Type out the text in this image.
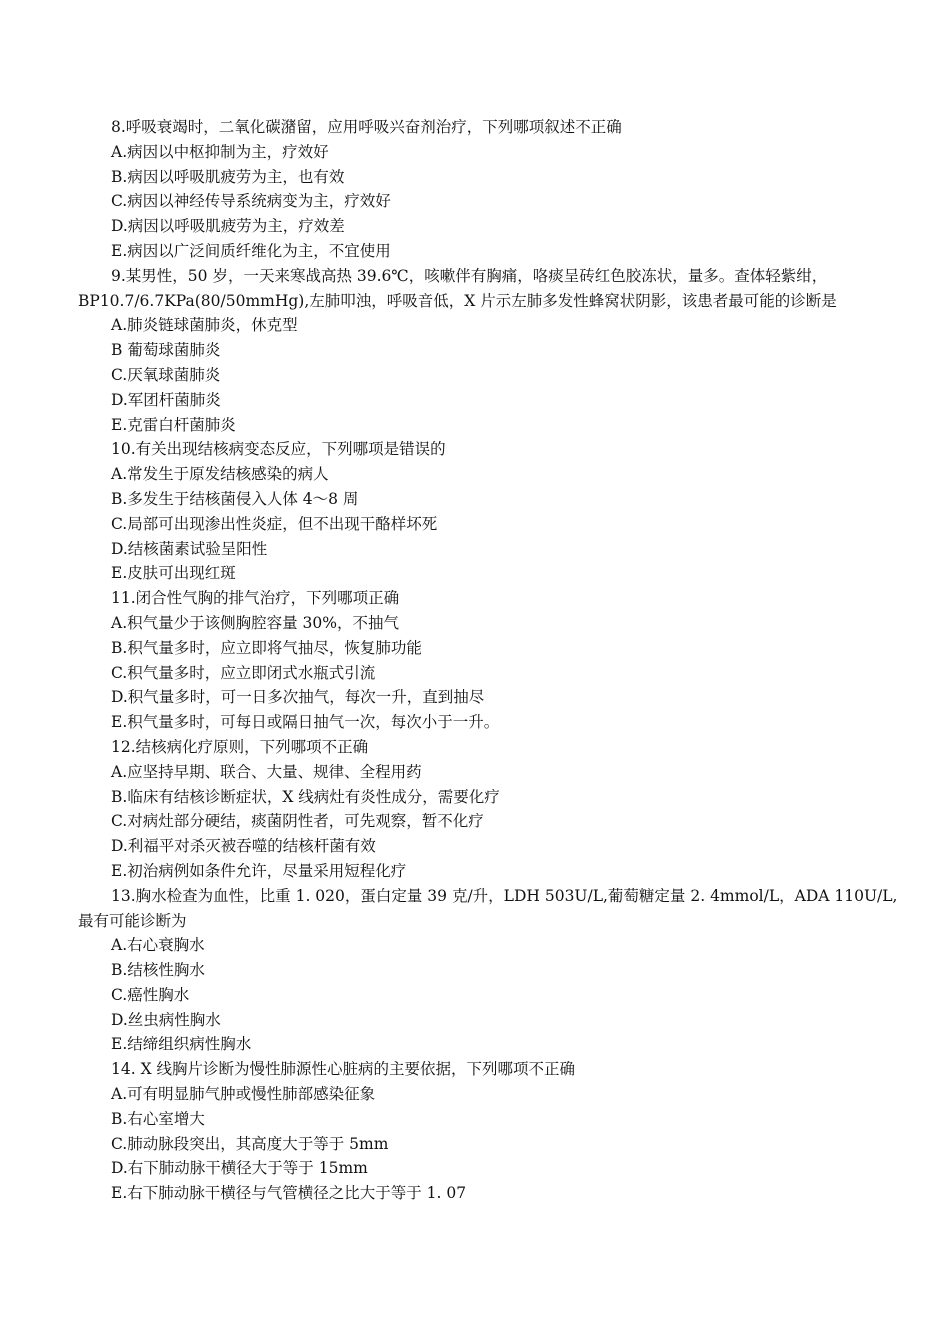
8.呼吸衰竭时，二氧化碳潴留，应用呼吸兴奋剂治疗，下列哪项叙述不正确

A.病因以中枢抑制为主，疗效好

B.病因以呼吸肌疲劳为主，也有效

C.病因以神经传导系统病变为主，疗效好

D.病因以呼吸肌疲劳为主，疗效差

E.病因以广泛间质纤维化为主，不宜使用

9.某男性，50 岁，一天来寒战高热 39.6℃，咳嗽伴有胸痛，咯痰呈砖红色胶冻状，量多。查体轻紫绀，

BP10.7/6.7KPa(80/50mmHg),左肺叩浊，呼吸音低，X 片示左肺多发性蜂窝状阴影，该患者最可能的诊断是

A.肺炎链球菌肺炎，休克型

B 葡萄球菌肺炎

C.厌氧球菌肺炎

D.军团杆菌肺炎

E.克雷白杆菌肺炎

10.有关出现结核病变态反应，下列哪项是错误的

A.常发生于原发结核感染的病人

B.多发生于结核菌侵入人体 4～8 周

C.局部可出现渗出性炎症，但不出现干酪样坏死

D.结核菌素试验呈阳性

E.皮肤可出现红斑

11.闭合性气胸的排气治疗，下列哪项正确

A.积气量少于该侧胸腔容量 30%，不抽气

B.积气量多时，应立即将气抽尽，恢复肺功能

C.积气量多时，应立即闭式水瓶式引流

D.积气量多时，可一日多次抽气，每次一升，直到抽尽

E.积气量多时，可每日或隔日抽气一次，每次小于一升。

12.结核病化疗原则，下列哪项不正确

A.应坚持早期、联合、大量、规律、全程用药

B.临床有结核诊断症状，X 线病灶有炎性成分，需要化疗

C.对病灶部分硬结，痰菌阴性者，可先观察，暂不化疗

D.利福平对杀灭被吞噬的结核杆菌有效

E.初治病例如条件允许，尽量采用短程化疗

13.胸水检查为血性，比重 1. 020，蛋白定量 39 克/升，LDH 503U/L,葡萄糖定量 2. 4mmol/L，ADA 110U/L,

最有可能诊断为

A.右心衰胸水

B.结核性胸水

C.癌性胸水

D.丝虫病性胸水

E.结缔组织病性胸水

14. X 线胸片诊断为慢性肺源性心脏病的主要依据，下列哪项不正确

A.可有明显肺气肿或慢性肺部感染征象

B.右心室增大

C.肺动脉段突出，其高度大于等于 5mm

D.右下肺动脉干横径大于等于 15mm

E.右下肺动脉干横径与气管横径之比大于等于 1. 07
